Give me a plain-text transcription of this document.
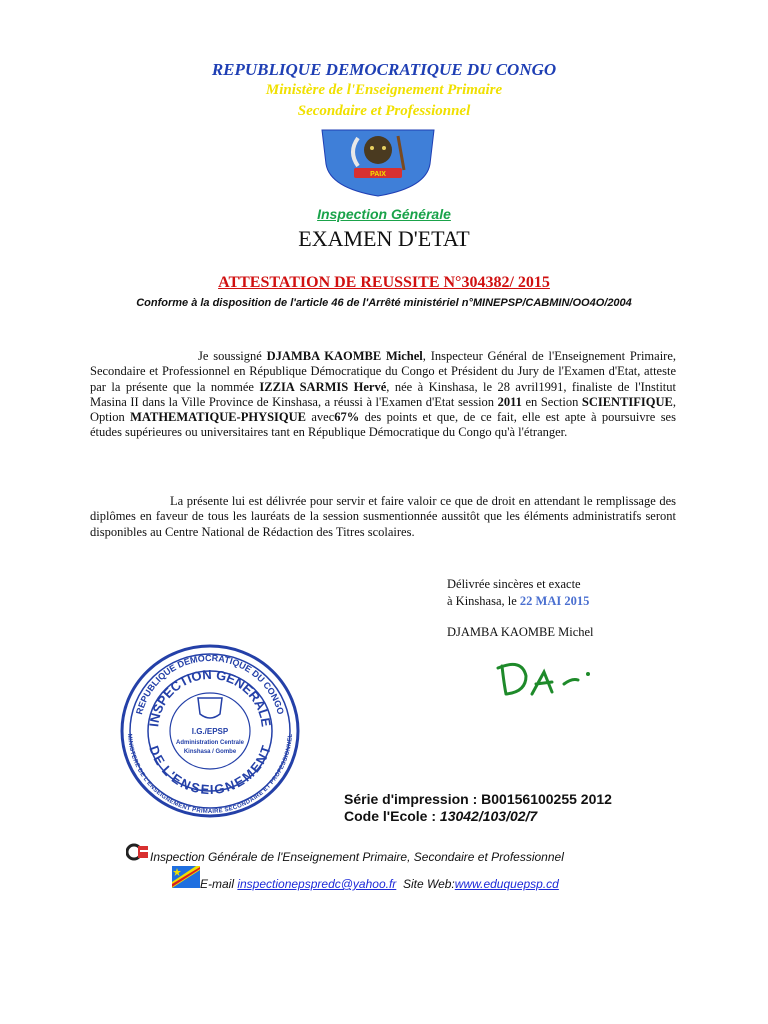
REPUBLIQUE DEMOCRATIQUE DU CONGO
Ministère de l'Enseignement Primaire
Secondaire et Professionnel
PAIX
Inspection Générale
EXAMEN D'ETAT
ATTESTATION DE REUSSITE N°304382/ 2015
Conforme à la disposition de l'article 46 de l'Arrêté ministériel n°MINEPSP/CABMIN/OO4O/2004
Je soussigné DJAMBA KAOMBE Michel, Inspecteur Général de l'Enseignement Primaire, Secondaire et Professionnel en République Démocratique du Congo et Président du Jury de l'Examen d'Etat, atteste par la présente que la nommée IZZIA SARMIS Hervé, née à Kinshasa, le 28 avril1991, finaliste de l'Institut Masina II dans la Ville Province de Kinshasa, a réussi à l'Examen d'Etat session 2011 en Section SCIENTIFIQUE, Option MATHEMATIQUE-PHYSIQUE avec67% des points et que, de ce fait, elle est apte à poursuivre ses études supérieures ou universitaires tant en République Démocratique du Congo qu'à l'étranger.
La présente lui est délivrée pour servir et faire valoir ce que de droit en attendant le remplissage des diplômes en faveur de tous les lauréats de la session susmentionnée aussitôt que les éléments administratifs seront disponibles au Centre National de Rédaction des Titres scolaires.
Délivrée sincères et exacte
à Kinshasa, le 22 MAI 2015
DJAMBA KAOMBE Michel
REPUBLIQUE DEMOCRATIQUE DU CONGO
INSPECTION GENERALE
DE L'ENSEIGNEMENT
MINISTERE DE L'ENSEIGNEMENT PRIMAIRE SECONDAIRE ET PROFESSIONNEL
I.G./EPSP
Administration Centrale
Kinshasa / Gombe
Série d'impression : B00156100255 2012
Code l'Ecole : 13042/103/02/7
Inspection Générale de l'Enseignement Primaire, Secondaire et Professionnel
E-mail inspectionepspredc@yahoo.fr  Site Web:www.eduquepsp.cd
